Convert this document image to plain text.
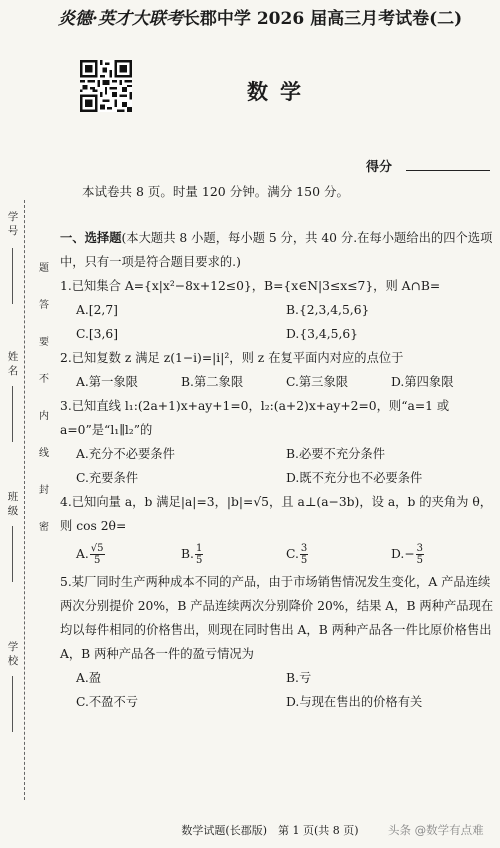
炎德·英才大联考长郡中学 2026 届高三月考试卷(二)
数学
得分
本试卷共 8 页。时量 120 分钟。满分 150 分。
题
答
要
不
内
线
封
密
学号
姓名
班级
学校

一、选择题(本大题共 8 小题，每小题 5 分，共 40 分.在每小题给出的四个选项中，只有一项是符合题目要求的.)

1.已知集合 A={x|x²−8x+12≤0}，B={x∈N|3≤x≤7}，则 A∩B=

A.[2,7]	B.{2,3,4,5,6}
C.[3,6]	D.{3,4,5,6}

2.已知复数 z 满足 z(1−i)=|i|²，则 z 在复平面内对应的点位于

A.第一象限	B.第二象限	C.第三象限	D.第四象限

3.已知直线 l₁:(2a+1)x+ay+1=0，l₂:(a+2)x+ay+2=0，则“a=1 或 a=0”是“l₁∥l₂”的

A.充分不必要条件	B.必要不充分条件
C.充要条件	D.既不充分也不必要条件

4.已知向量 a，b 满足|a|=3，|b|=√5，且 a⊥(a−3b)，设 a，b 的夹角为 θ，则 cos 2θ=

A. $\frac{√5}{5}$	B. $\frac{1}{5}$	C. $\frac{3}{5}$	$D.- \frac{3}{5}$

5.某厂同时生产两种成本不同的产品，由于市场销售情况发生变化，A 产品连续两次分别提价 20%，B 产品连续两次分别降价 20%，结果 A，B 两种产品现在均以每件相同的价格售出，则现在同时售出 A，B 两种产品各一件比原价格售出 A，B 两种产品各一件的盈亏情况为

A.盈	B.亏
C.不盈不亏	D.与现在售出的价格有关
数学试题(长郡版)　第 1 页(共 8 页)	头条 @数学有点难
